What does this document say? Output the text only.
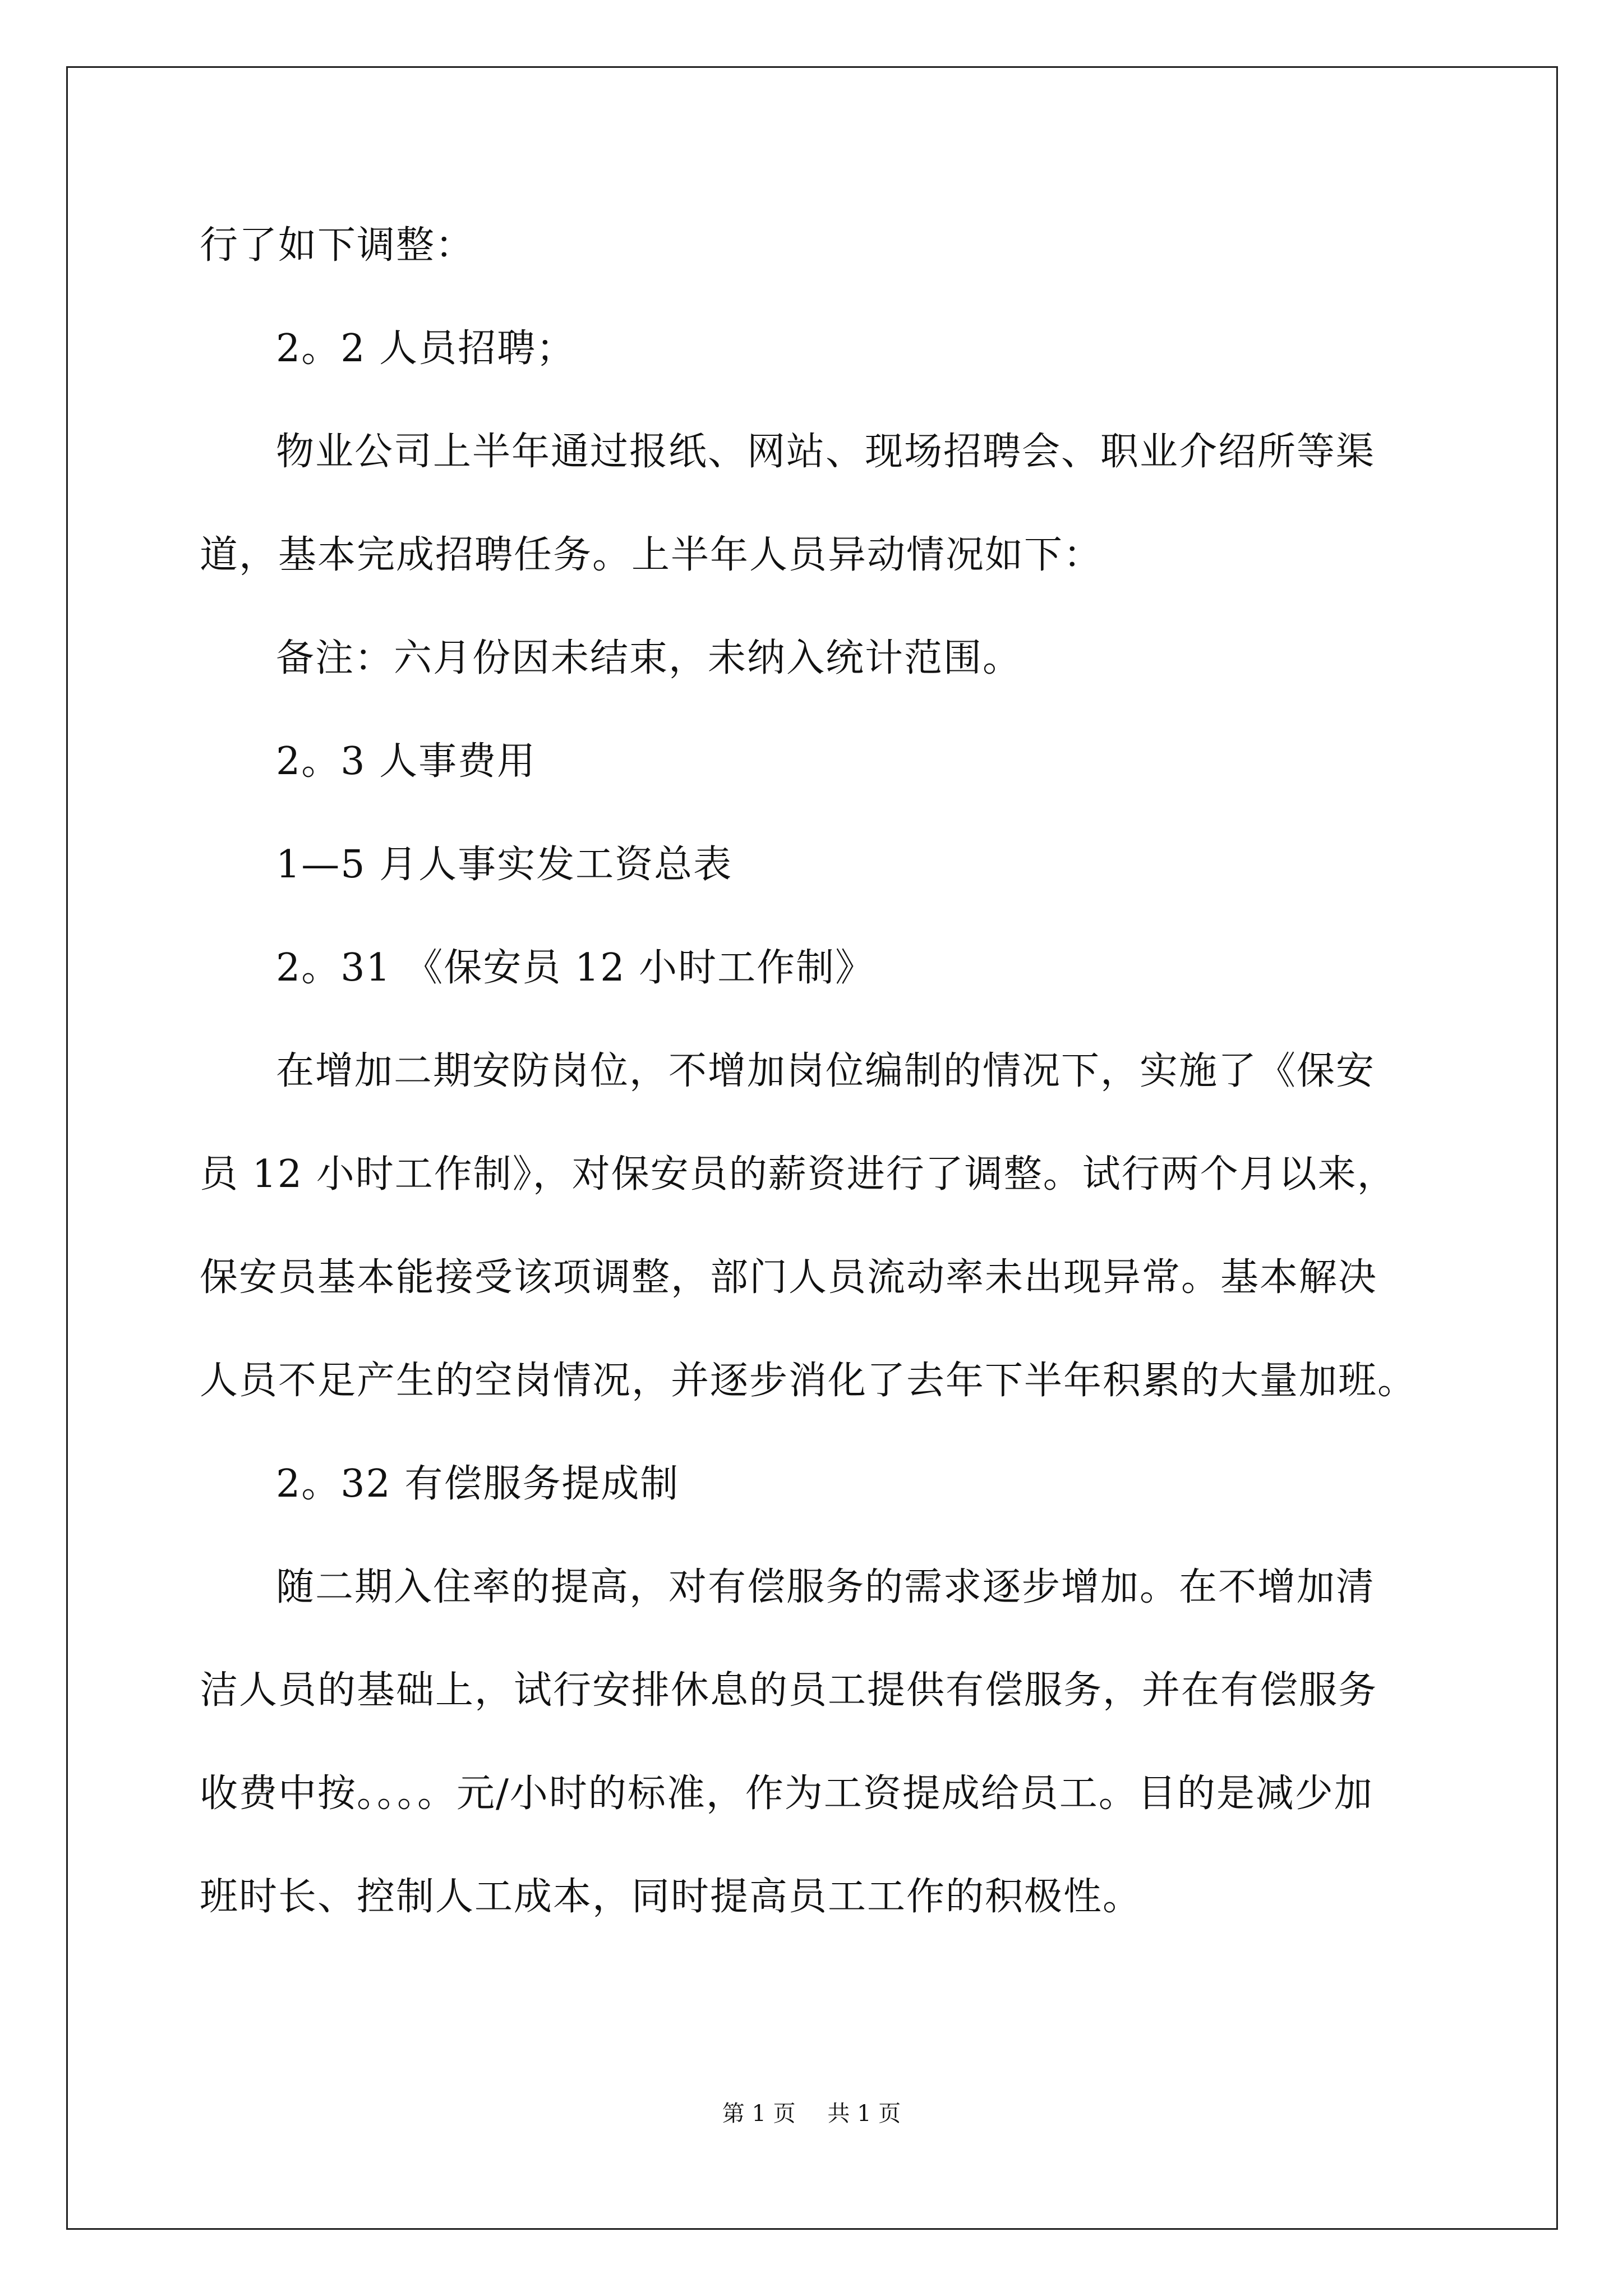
行了如下调整：

2。2 人员招聘；

物业公司上半年通过报纸、网站、现场招聘会、职业介绍所等渠

道，基本完成招聘任务。上半年人员异动情况如下：

备注：六月份因未结束，未纳入统计范围。

2。3 人事费用

1—5 月人事实发工资总表

2。31 《保安员 12 小时工作制》

在增加二期安防岗位，不增加岗位编制的情况下，实施了《保安

员 12 小时工作制》，对保安员的薪资进行了调整。试行两个月以来，

保安员基本能接受该项调整，部门人员流动率未出现异常。基本解决

人员不足产生的空岗情况，并逐步消化了去年下半年积累的大量加班。

2。32 有偿服务提成制

随二期入住率的提高，对有偿服务的需求逐步增加。在不增加清

洁人员的基础上，试行安排休息的员工提供有偿服务，并在有偿服务

收费中按。。。。元/小时的标准，作为工资提成给员工。目的是减少加

班时长、控制人工成本，同时提高员工工作的积极性。

第 1 页 共 1 页
